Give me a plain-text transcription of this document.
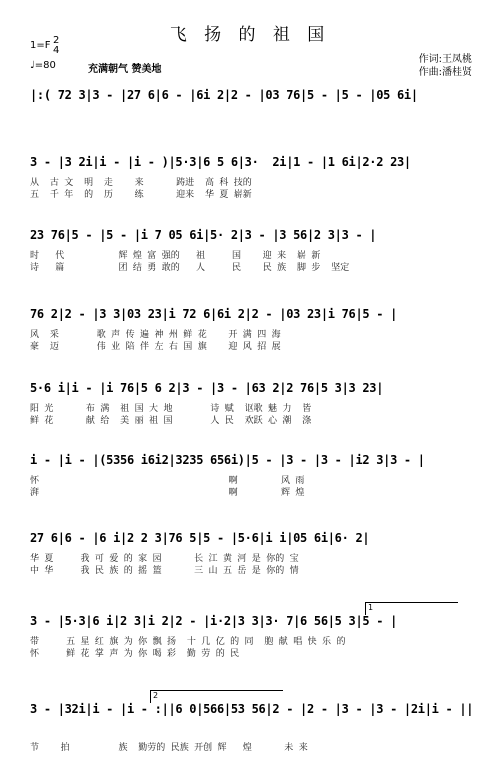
飞 扬 的 祖 国
1=F 2
4
♩=80	充满朝气 赞美地
作词:王凤桃
作曲:潘桂贤
|:( 72 3|3 - |27 6|6 - |6i 2|2 - |03 76|5 - |5 - |05 6i|
3 - |3 2i|i - |i - )|5·3|6 5 6|3·  2i|1 - |1 6i|2·2 23|
从  古 文  明  走    来      踌进  高 科 技的
五  千 年  的  历    练      迎来  华 夏 崭新
23 76|5 - |5 - |i 7 05 6i|5· 2|3 - |3 56|2 3|3 - |
时   代          辉 煌 富 强的   祖     国    迎 来  崭 新
诗   篇          团 结 勇 敢的   人     民    民 族  脚 步  坚定
76 2|2 - |3 3|03 23|i 72 6|6i 2|2 - |03 23|i 76|5 - |
风  采       歌 声 传 遍 神 州 鲜 花    开 满 四 海
豪  迈       伟 业 陪 伴 左 右 国 旗    迎 风 招 展
5·6 i|i - |i 76|5 6 2|3 - |3 - |63 2|2 76|5 3|3 23|
阳 光      布 满  祖 国 大 地       诗 赋  讴歌 魅 力  皆
鲜 花      献 给  美 丽 祖 国       人 民  欢跃 心 潮  涤
i - |i - |(5356 i6i2|3235 656i)|5 - |3 - |3 - |i2 3|3 - |
怀                                   啊        风 雨
湃                                   啊        辉 煌
27 6|6 - |6 i|2 2 3|76 5|5 - |5·6|i i|05 6i|6· 2|
华 夏     我 可 爱 的 家 园      长 江 黄 河 是 你的 宝
中 华     我 民 族 的 摇 篮      三 山 五 岳 是 你的 情
1
3 - |5·3|6 i|2 3|i 2|2 - |i·2|3 3|3· 7|6 56|5 3|5 - |
带     五 星 红 旗 为 你 飘 扬  十 几 亿 的 同  胞 献 唱 快 乐 的
怀     鲜 花 掌 声 为 你 喝 彩  勤 劳 的 民
2
3 - |32i|i - |i - :||6 0|566|53 56|2 - |2 - |3 - |3 - |2i|i - ||
节    拍         族  勤劳的 民族 开创 辉   煌      未 来
